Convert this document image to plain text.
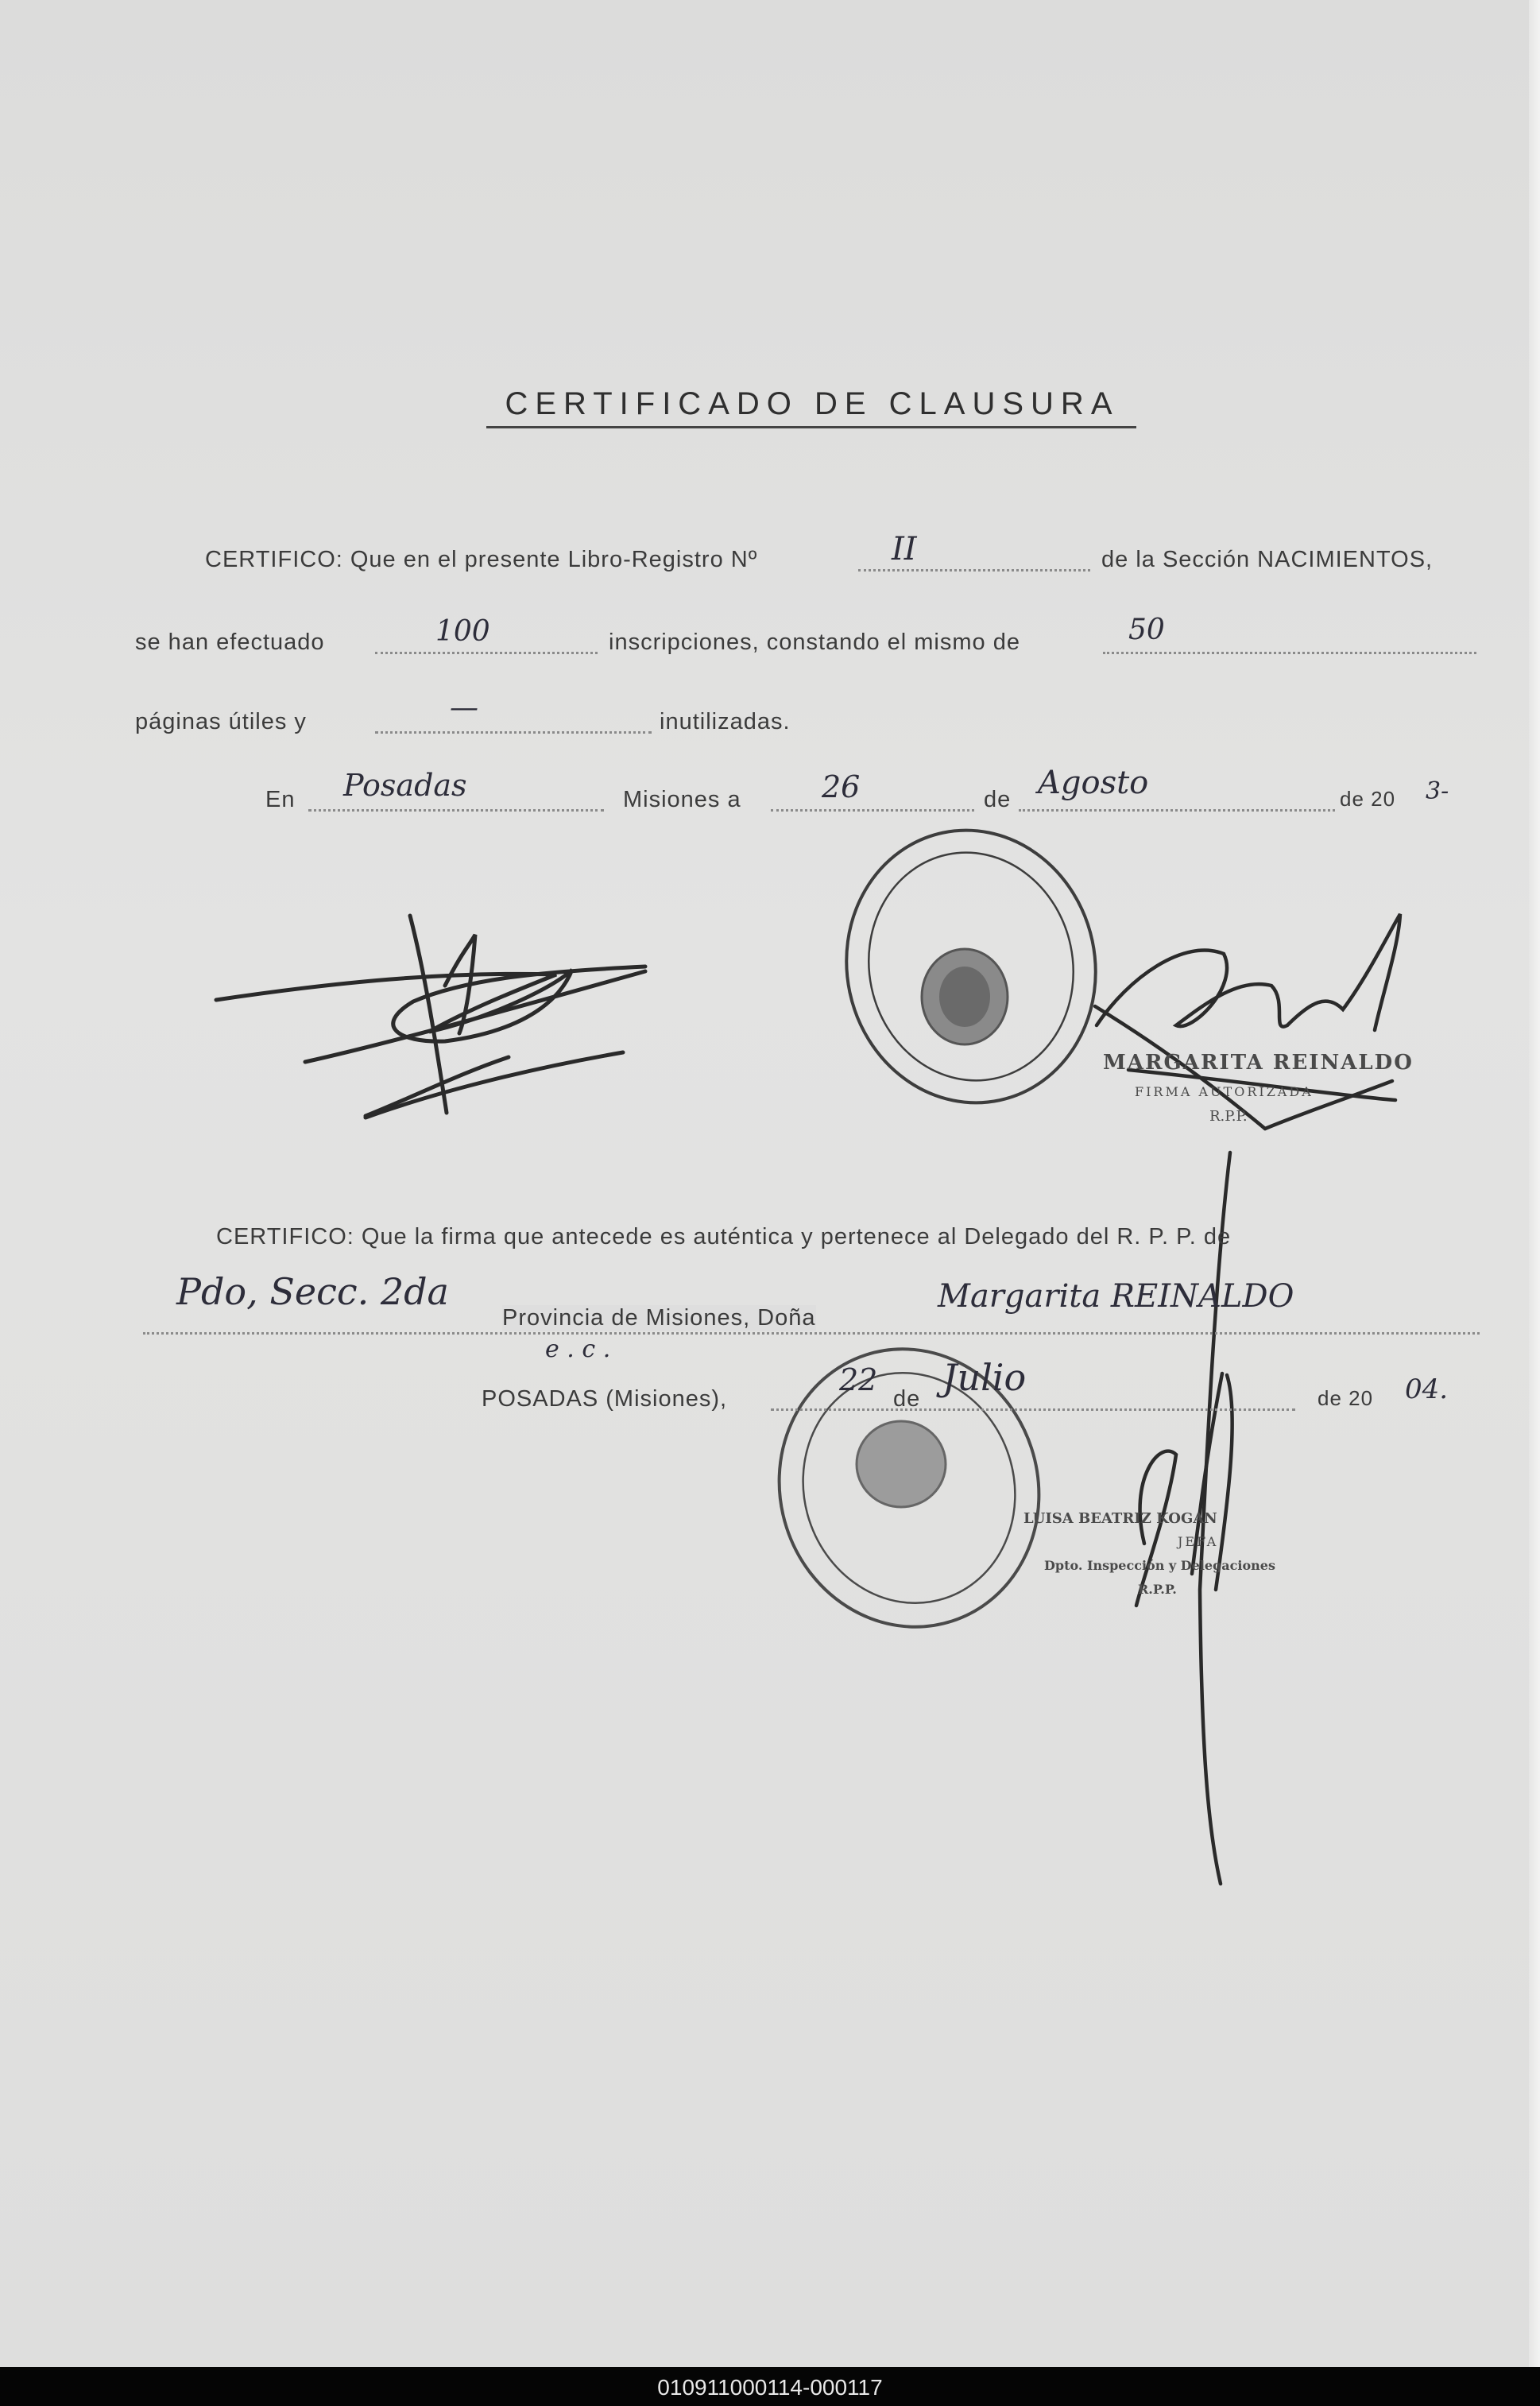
CERTIFICADO DE CLAUSURA
CERTIFICO: Que en el presente Libro-Registro Nº	II	de la Sección NACIMIENTOS,
se han efectuado	100	inscripciones, constando el mismo de	50
páginas útiles y	—	inutilizadas.
En Posadas	Misiones a	26	de Agosto	de 20 3-
MARGARITA REINALDO
FIRMA AUTORIZADA
R.P.P.
CERTIFICO: Que la firma que antecede es auténtica y pertenece al Delegado del R. P. P. de
Pdo, Secc. 2da
Provincia de Misiones, Doña
Margarita REINALDO
e . c .
POSADAS (Misiones),
22
de Julio	de 20 04.
LUISA BEATRIZ KOGAN
JEFA
Dpto. Inspección y Delegaciones
R.P.P.
010911000114-000117
